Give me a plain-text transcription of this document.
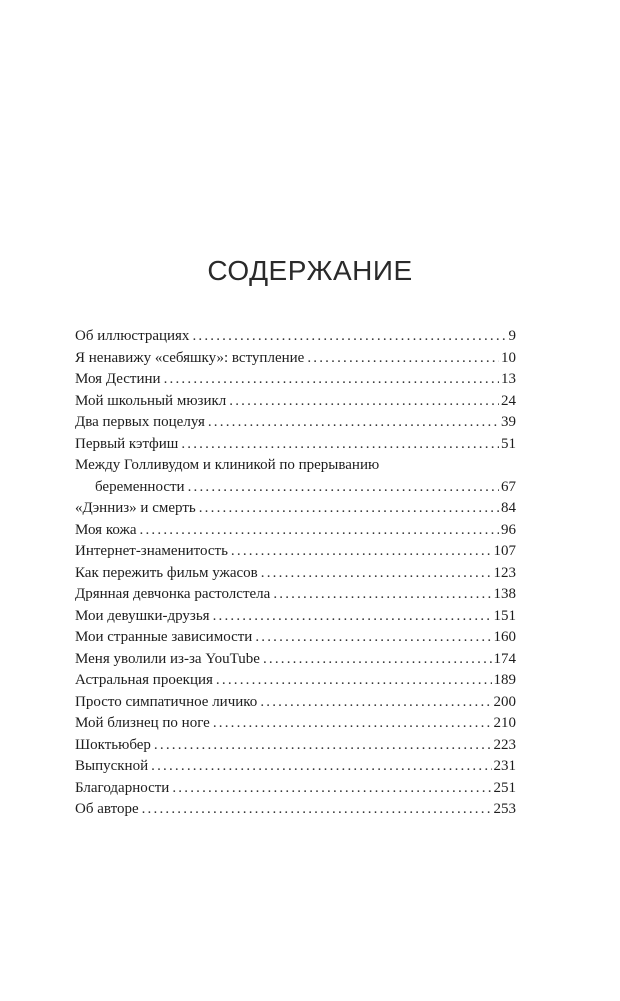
СОДЕРЖАНИЕ
Об иллюстрациях .....	9
Я ненавижу «себяшку»: вступление .....	10
Моя Дестини .....	13
Мой школьный мюзикл .....	24
Два первых поцелуя .....	39
Первый кэтфиш .....	51
Между Голливудом и клиникой по прерыванию
беременности .....	67
«Дэнниз» и смерть .....	84
Моя кожа .....	96
Интернет-знаменитость .....	107
Как пережить фильм ужасов .....	123
Дрянная девчонка растолстела .....	138
Мои девушки-друзья .....	151
Мои странные зависимости .....	160
Меня уволили из-за YouTube .....	174
Астральная проекция .....	189
Просто симпатичное личико .....	200
Мой близнец по ноге .....	210
Шоктьюбер .....	223
Выпускной .....	231
Благодарности .....	251
Об авторе .....	253
